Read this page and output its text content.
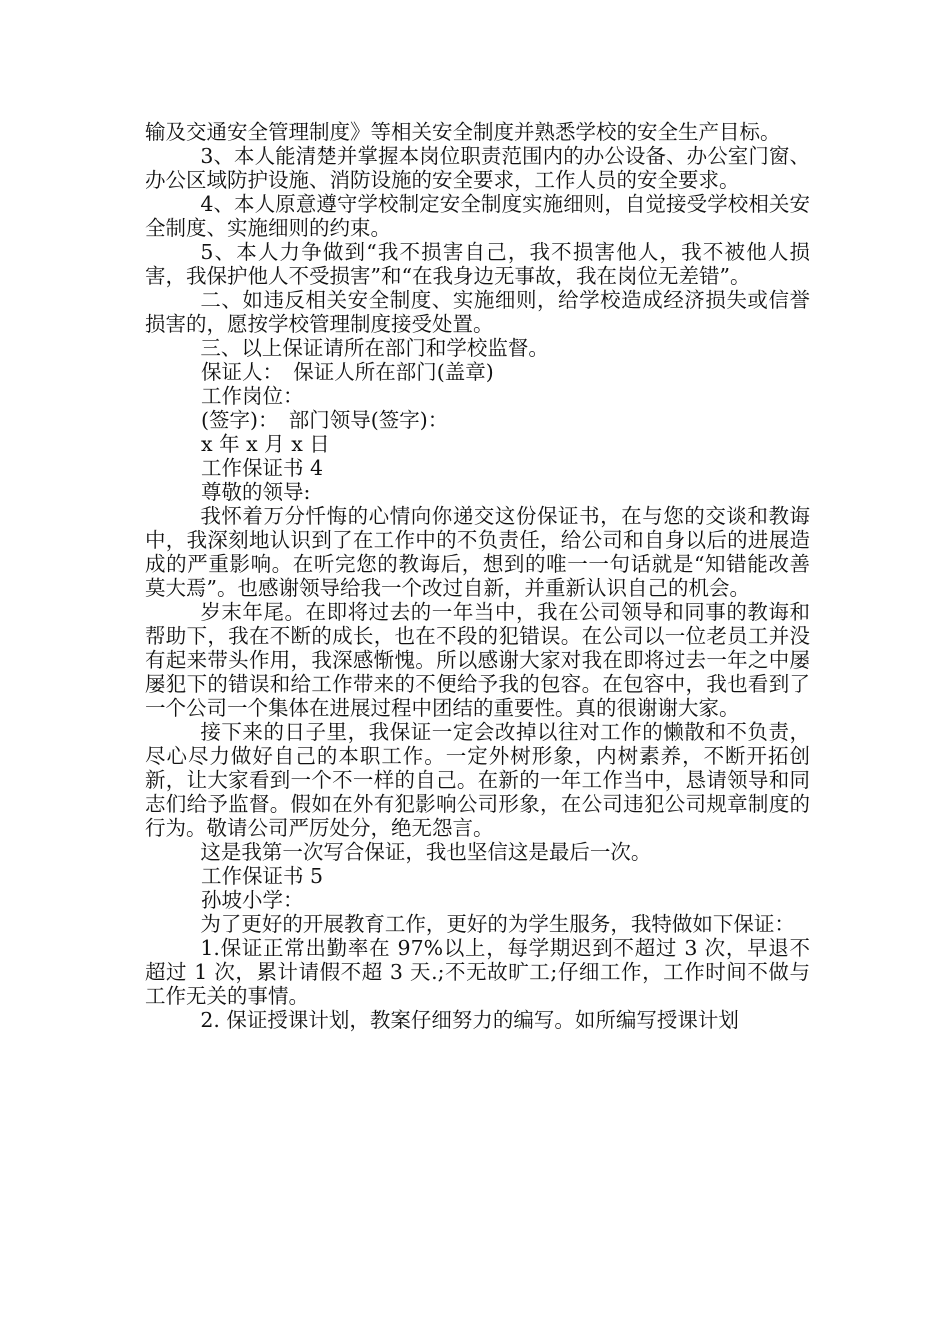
输及交通安全管理制度》等相关安全制度并熟悉学校的安全生产目标。

3、本人能清楚并掌握本岗位职责范围内的办公设备、办公室门窗、办公区域防护设施、消防设施的安全要求，工作人员的安全要求。

4、本人原意遵守学校制定安全制度实施细则，自觉接受学校相关安全制度、实施细则的约束。

5、本人力争做到“我不损害自己，我不损害他人，我不被他人损害，我保护他人不受损害”和“在我身边无事故，我在岗位无差错”。

二、如违反相关安全制度、实施细则，给学校造成经济损失或信誉损害的，愿按学校管理制度接受处置。

三、以上保证请所在部门和学校监督。

保证人：　保证人所在部门(盖章)

工作岗位：

(签字)：　部门领导(签字)：

x 年 x 月 x 日

工作保证书 4

尊敬的领导:

我怀着万分忏悔的心情向你递交这份保证书，在与您的交谈和教诲中，我深刻地认识到了在工作中的不负责任，给公司和自身以后的进展造成的严重影响。在听完您的教诲后，想到的唯一一句话就是“知错能改善莫大焉”。也感谢领导给我一个改过自新，并重新认识自己的机会。

岁末年尾。在即将过去的一年当中，我在公司领导和同事的教诲和帮助下，我在不断的成长，也在不段的犯错误。在公司以一位老员工并没有起来带头作用，我深感惭愧。所以感谢大家对我在即将过去一年之中屡屡犯下的错误和给工作带来的不便给予我的包容。在包容中，我也看到了一个公司一个集体在进展过程中团结的重要性。真的很谢谢大家。

接下来的日子里，我保证一定会改掉以往对工作的懒散和不负责，尽心尽力做好自己的本职工作。一定外树形象，内树素养，不断开拓创新，让大家看到一个不一样的自己。在新的一年工作当中，恳请领导和同志们给予监督。假如在外有犯影响公司形象，在公司违犯公司规章制度的行为。敬请公司严厉处分，绝无怨言。

这是我第一次写合保证，我也坚信这是最后一次。

工作保证书 5

孙坡小学：

为了更好的开展教育工作，更好的为学生服务，我特做如下保证：

1.保证正常出勤率在 97%以上，每学期迟到不超过 3 次，早退不超过 1 次，累计请假不超 3 天.;不无故旷工;仔细工作，工作时间不做与工作无关的事情。

2. 保证授课计划，教案仔细努力的编写。如所编写授课计划
